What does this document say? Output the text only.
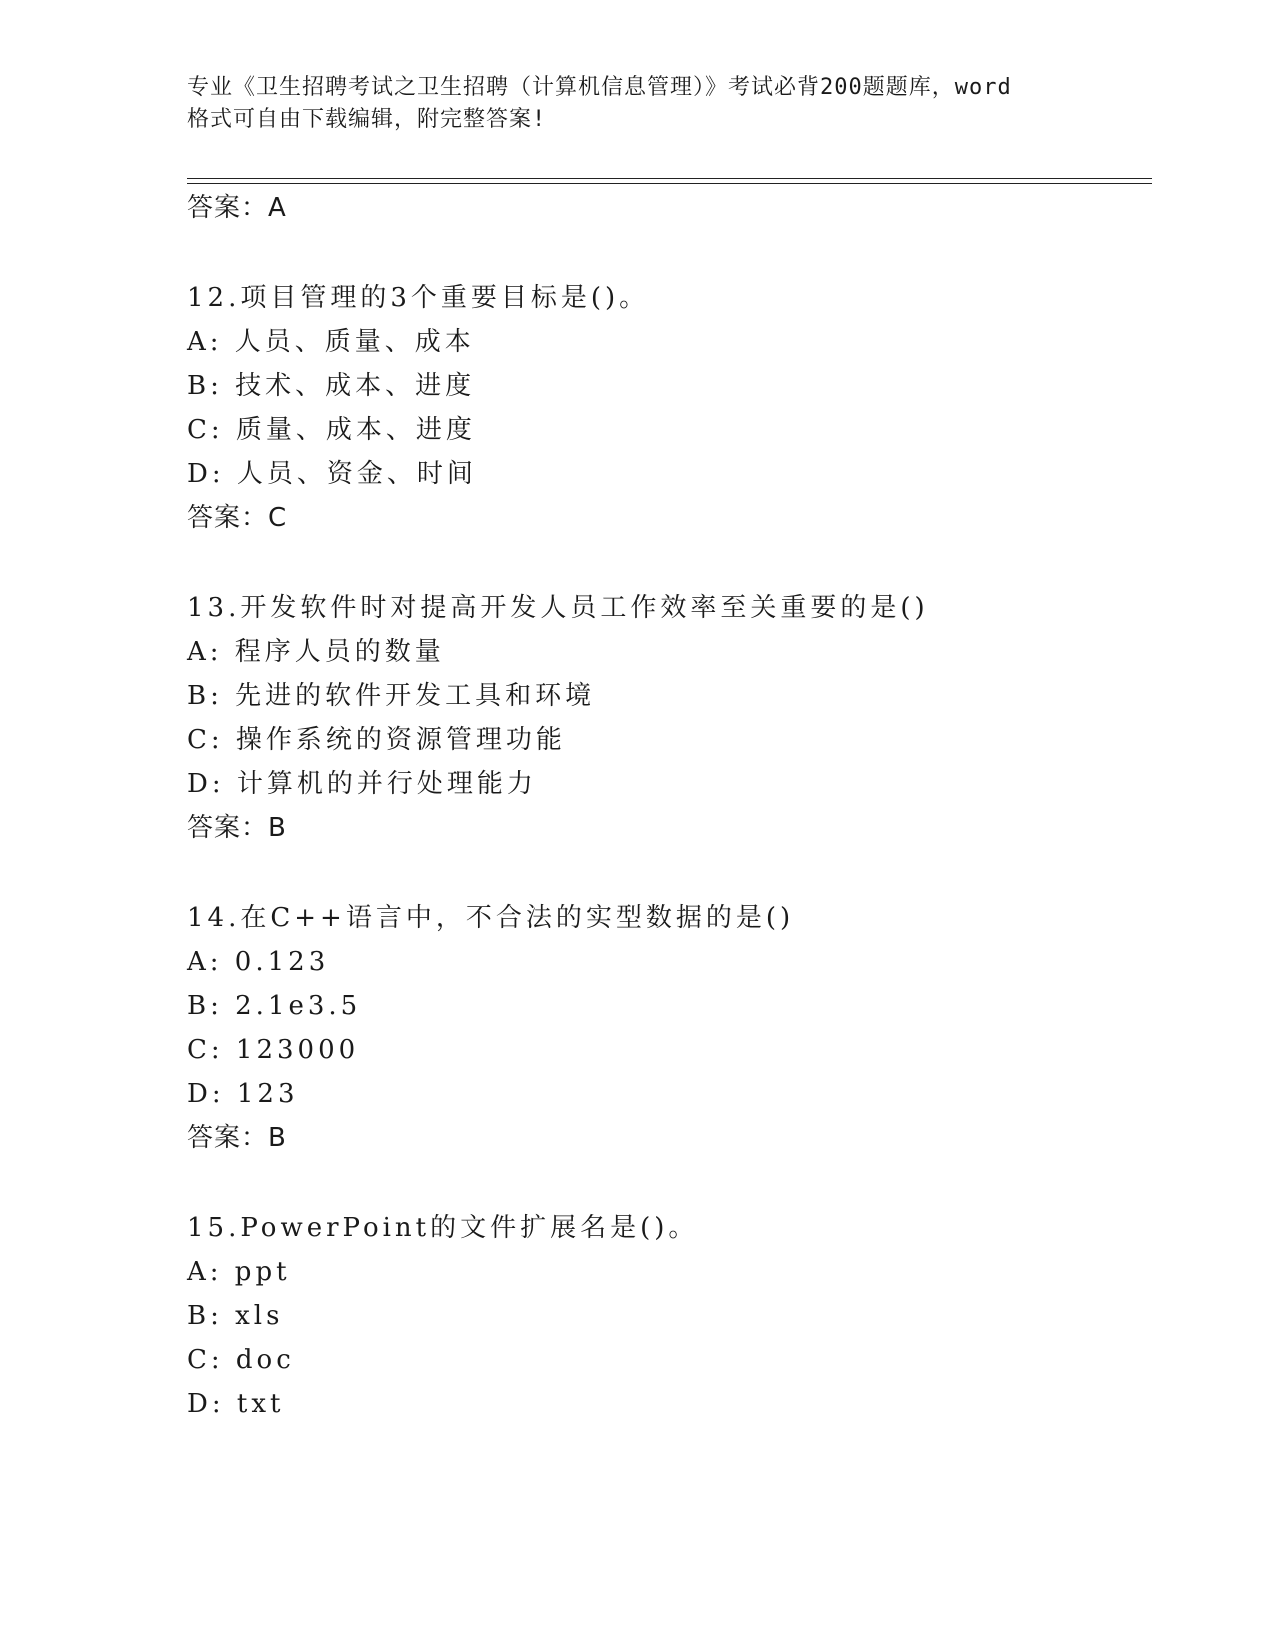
专业《卫生招聘考试之卫生招聘（计算机信息管理）》考试必背200题题库，word
格式可自由下载编辑，附完整答案!
答案：A
12.项目管理的3个重要目标是()。
A: 人员、质量、成本
B: 技术、成本、进度
C: 质量、成本、进度
D: 人员、资金、时间
答案：C
13.开发软件时对提高开发人员工作效率至关重要的是()
A: 程序人员的数量
B: 先进的软件开发工具和环境
C: 操作系统的资源管理功能
D: 计算机的并行处理能力
答案：B
14.在C++语言中，不合法的实型数据的是()
A: 0.123
B: 2.1e3.5
C: 123000
D: 123
答案：B
15.PowerPoint的文件扩展名是()。
A: ppt
B: xls
C: doc
D: txt
